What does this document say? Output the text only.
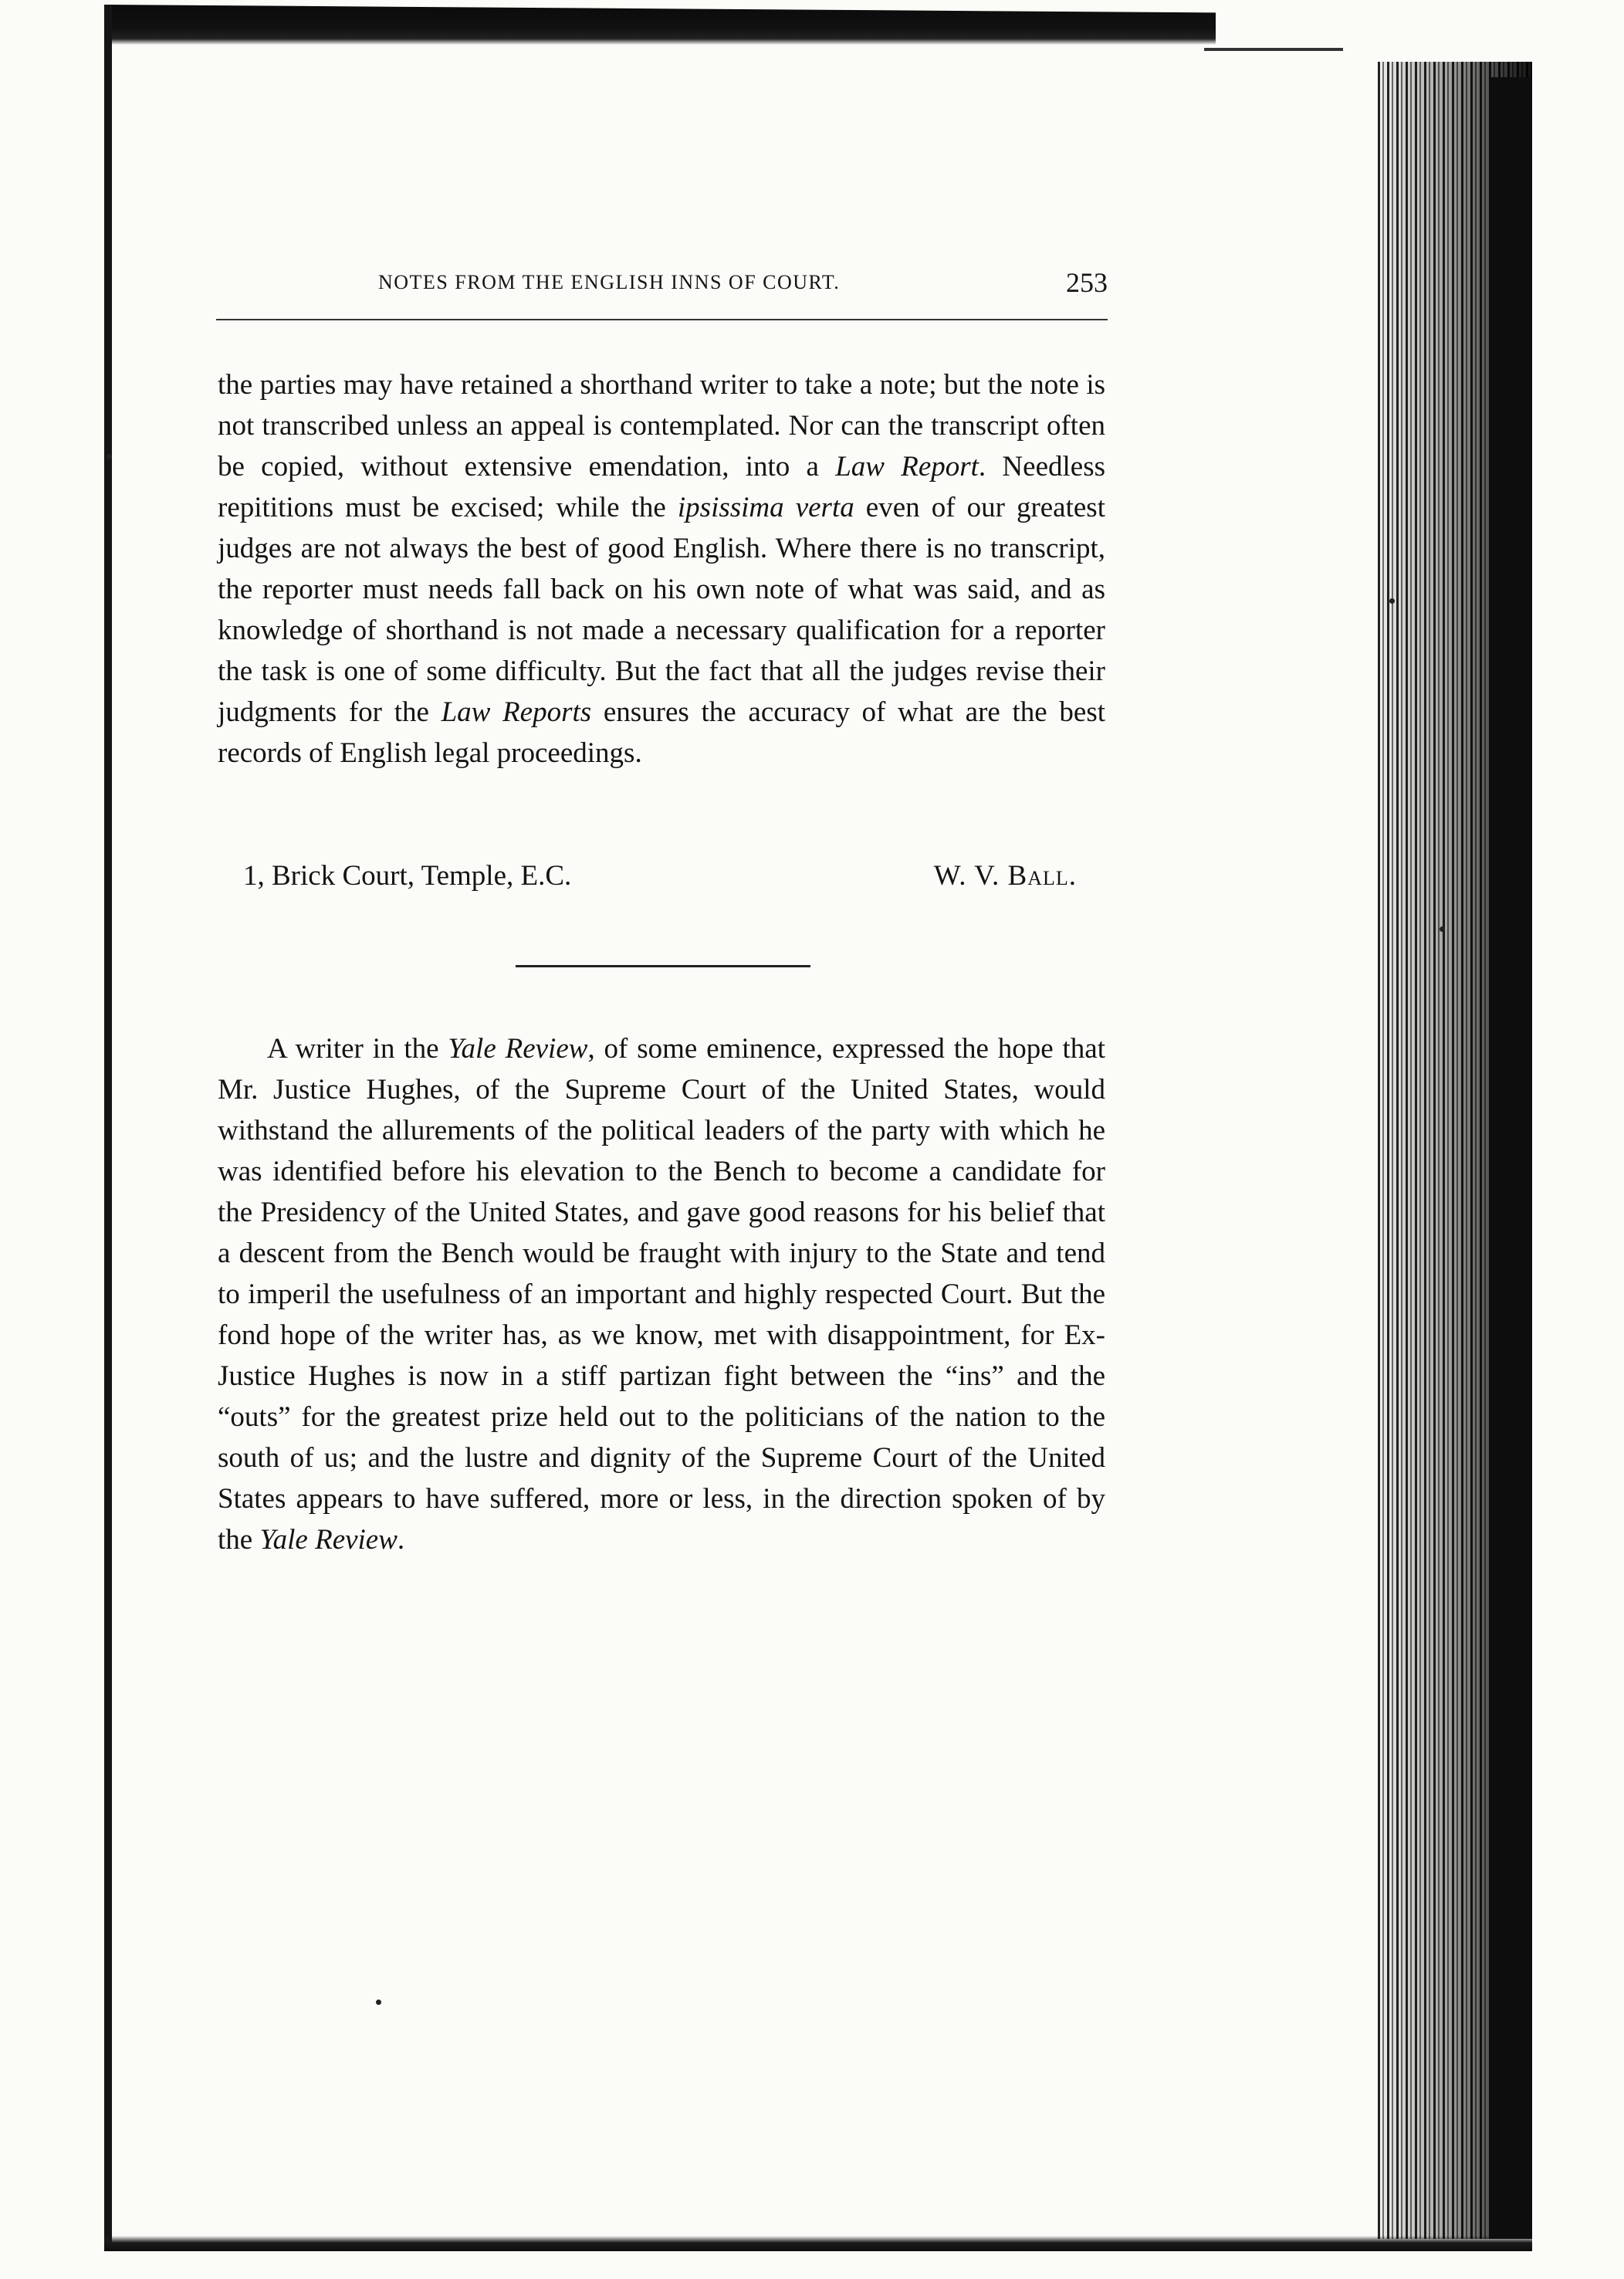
NOTES FROM THE ENGLISH INNS OF COURT.	253

the parties may have retained a shorthand writer to take a note; but the note is not transcribed unless an appeal is contemplated. Nor can the transcript often be copied, without extensive emendation, into a Law Report. Needless repititions must be excised; while the ipsissima verta even of our greatest judges are not always the best of good English. Where there is no transcript, the reporter must needs fall back on his own note of what was said, and as knowledge of shorthand is not made a necessary qualification for a reporter the task is one of some difficulty. But the fact that all the judges revise their judgments for the Law Reports ensures the accuracy of what are the best records of English legal proceedings.

1, Brick Court, Temple, E.C.	W. V. Ball.

A writer in the Yale Review, of some eminence, expressed the hope that Mr. Justice Hughes, of the Supreme Court of the United States, would withstand the allurements of the political leaders of the party with which he was identified before his elevation to the Bench to become a candidate for the Presidency of the United States, and gave good reasons for his belief that a descent from the Bench would be fraught with injury to the State and tend to imperil the usefulness of an important and highly respected Court. But the fond hope of the writer has, as we know, met with disappointment, for Ex-Justice Hughes is now in a stiff partizan fight between the “ins” and the “outs” for the greatest prize held out to the politicians of the nation to the south of us; and the lustre and dignity of the Supreme Court of the United States appears to have suffered, more or less, in the direction spoken of by the Yale Review.
